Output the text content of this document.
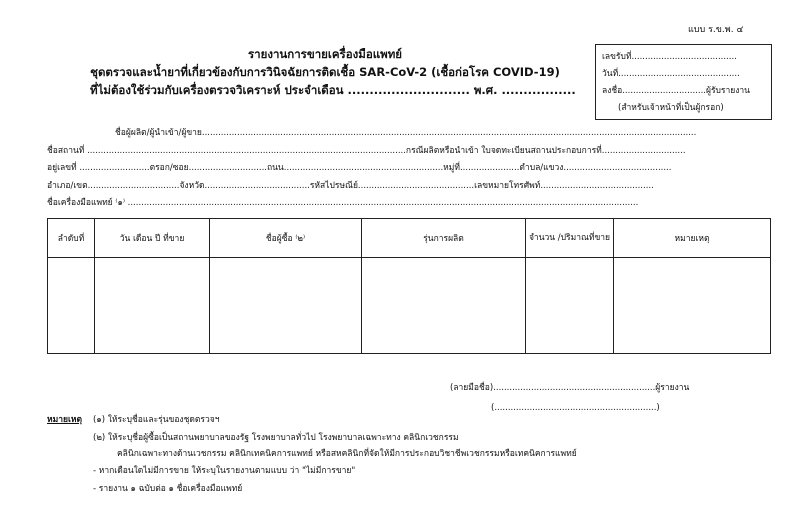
แบบ ร.ข.พ. ๔
รายงานการขายเครื่องมือแพทย์
ชุดตรวจและน้ำยาที่เกี่ยวข้องกับการวินิจฉัยการติดเชื้อ SAR-CoV-2 (เชื้อก่อโรค COVID-19)
ที่ไม่ต้องใช้ร่วมกับเครื่องตรวจวิเคราะห์ ประจำเดือน ............................ พ.ศ. .................
เลขรับที่.......................................
วันที่.............................................
ลงชื่อ...............................ผู้รับรายงาน
(สำหรับเจ้าหน้าที่เป็นผู้กรอก)
ชื่อผู้ผลิต/ผู้นำเข้า/ผู้ขาย.......................................................................................................................................................................................
ชื่อสถานที่ ......................................................................................................................กรณีผลิตหรือนำเข้า ใบจดทะเบียนสถานประกอบการที่...............................
อยู่เลขที่ ..........................ตรอก/ซอย.............................ถนน...........................................................หมู่ที่......................ตำบล/แขวง........................................
อำเภอ/เขต..................................จังหวัด.......................................รหัสไปรษณีย์...........................................เลขหมายโทรศัพท์..........................................
ชื่อเครื่องมือแพทย์ ⁽๑⁾ .............................................................................................................................................................................................
ลำดับที่	วัน เดือน ปี ที่ขาย	ชื่อผู้ซื้อ ⁽๒⁾	รุ่นการผลิต	จำนวน /ปริมาณที่ขาย	หมายเหตุ

(ลายมือชื่อ)............................................................ผู้รายงาน
(............................................................)
หมายเหตุ (๑) ให้ระบุชื่อและรุ่นของชุดตรวจฯ
(๒) ให้ระบุชื่อผู้ซื้อเป็นสถานพยาบาลของรัฐ โรงพยาบาลทั่วไป โรงพยาบาลเฉพาะทาง คลินิกเวชกรรม
คลินิกเฉพาะทางด้านเวชกรรม คลินิกเทคนิคการแพทย์ หรือสหคลินิกที่จัดให้มีการประกอบวิชาชีพเวชกรรมหรือเทคนิคการแพทย์
- หากเดือนใดไม่มีการขาย ให้ระบุในรายงานตามแบบ ว่า "ไม่มีการขาย"
- รายงาน ๑ ฉบับต่อ ๑ ชื่อเครื่องมือแพทย์
